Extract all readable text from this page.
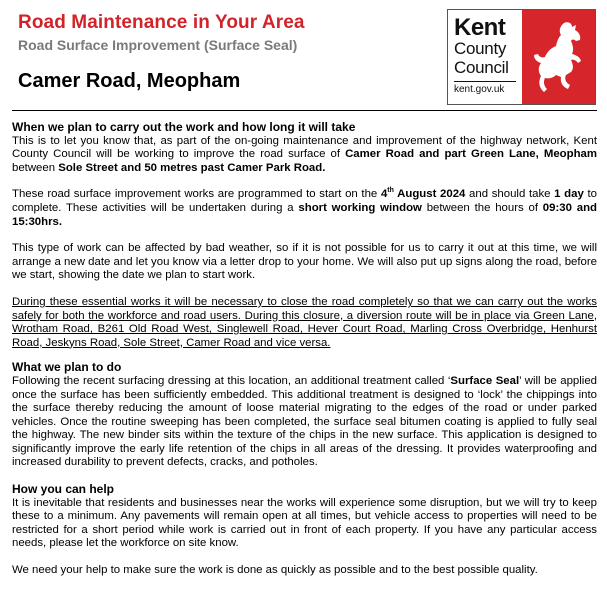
Road Maintenance in Your Area
Road Surface Improvement (Surface Seal)
Camer Road, Meopham
Kent
County
Council
kent.gov.uk

When we plan to carry out the work and how long it will take

This is to let you know that, as part of the on-going maintenance and improvement of the highway network, Kent County Council will be working to improve the road surface of Camer Road and part Green Lane, Meopham between Sole Street and 50 metres past Camer Park Road.

These road surface improvement works are programmed to start on the 4th August 2024 and should take 1 day to complete. These activities will be undertaken during a short working window between the hours of 09:30 and 15:30hrs.

This type of work can be affected by bad weather, so if it is not possible for us to carry it out at this time, we will arrange a new date and let you know via a letter drop to your home. We will also put up signs along the road, before we start, showing the date we plan to start work.

During these essential works it will be necessary to close the road completely so that we can carry out the works safely for both the workforce and road users. During this closure, a diversion route will be in place via Green Lane, Wrotham Road, B261 Old Road West, Singlewell Road, Hever Court Road, Marling Cross Overbridge, Henhurst Road, Jeskyns Road, Sole Street, Camer Road and vice versa.

What we plan to do

Following the recent surfacing dressing at this location, an additional treatment called ‘Surface Seal’ will be applied once the surface has been sufficiently embedded. This additional treatment is designed to ‘lock’ the chippings into the surface thereby reducing the amount of loose material migrating to the edges of the road or under parked vehicles. Once the routine sweeping has been completed, the surface seal bitumen coating is applied to fully seal the highway. The new binder sits within the texture of the chips in the new surface. This application is designed to significantly improve the early life retention of the chips in all areas of the dressing. It provides waterproofing and increased durability to prevent defects, cracks, and potholes.

How you can help

It is inevitable that residents and businesses near the works will experience some disruption, but we will try to keep these to a minimum. Any pavements will remain open at all times, but vehicle access to properties will need to be restricted for a short period while work is carried out in front of each property. If you have any particular access needs, please let the workforce on site know.

We need your help to make sure the work is done as quickly as possible and to the best possible quality.
